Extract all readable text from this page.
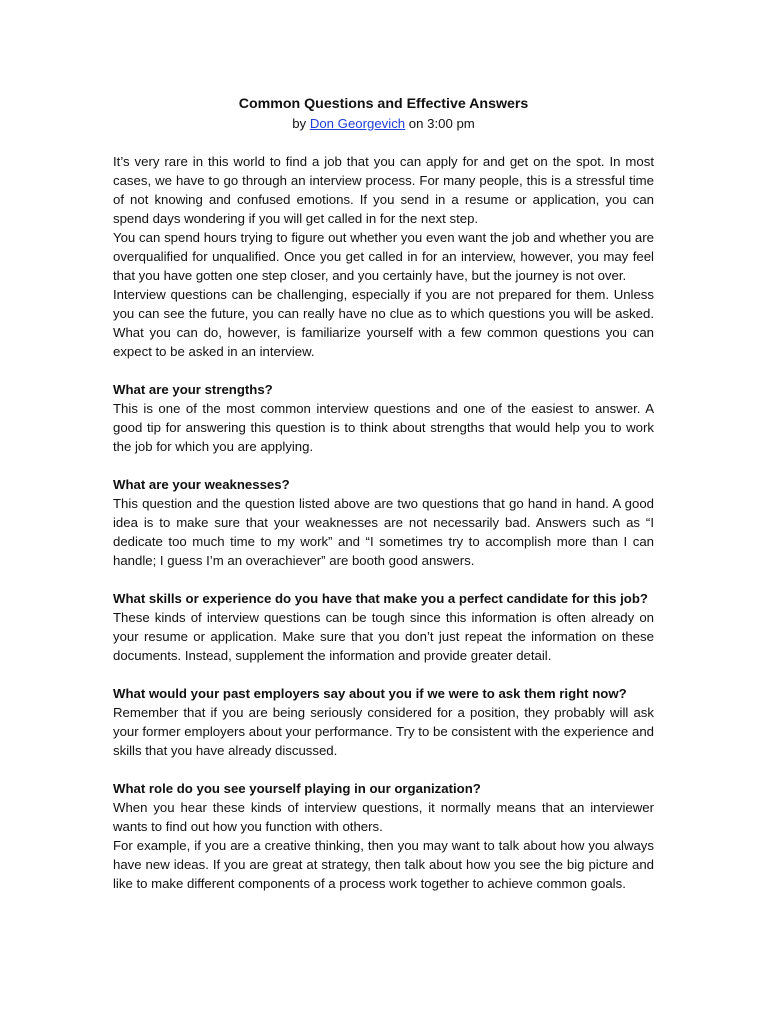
Common Questions and Effective Answers
by Don Georgevich on 3:00 pm

It’s very rare in this world to find a job that you can apply for and get on the spot. In most cases, we have to go through an interview process. For many people, this is a stressful time of not knowing and confused emotions. If you send in a resume or application, you can spend days wondering if you will get called in for the next step.

You can spend hours trying to figure out whether you even want the job and whether you are overqualified for unqualified. Once you get called in for an interview, however, you may feel that you have gotten one step closer, and you certainly have, but the journey is not over.

Interview questions can be challenging, especially if you are not prepared for them. Unless you can see the future, you can really have no clue as to which questions you will be asked. What you can do, however, is familiarize yourself with a few common questions you can expect to be asked in an interview.

What are your strengths?

This is one of the most common interview questions and one of the easiest to answer. A good tip for answering this question is to think about strengths that would help you to work the job for which you are applying.

What are your weaknesses?

This question and the question listed above are two questions that go hand in hand. A good idea is to make sure that your weaknesses are not necessarily bad. Answers such as “I dedicate too much time to my work” and “I sometimes try to accomplish more than I can handle; I guess I’m an overachiever” are booth good answers.

What skills or experience do you have that make you a perfect candidate for this job?

These kinds of interview questions can be tough since this information is often already on your resume or application. Make sure that you don’t just repeat the information on these documents. Instead, supplement the information and provide greater detail.

What would your past employers say about you if we were to ask them right now?

Remember that if you are being seriously considered for a position, they probably will ask your former employers about your performance. Try to be consistent with the experience and skills that you have already discussed.

What role do you see yourself playing in our organization?

When you hear these kinds of interview questions, it normally means that an interviewer wants to find out how you function with others.

For example, if you are a creative thinking, then you may want to talk about how you always have new ideas. If you are great at strategy, then talk about how you see the big picture and like to make different components of a process work together to achieve common goals.
